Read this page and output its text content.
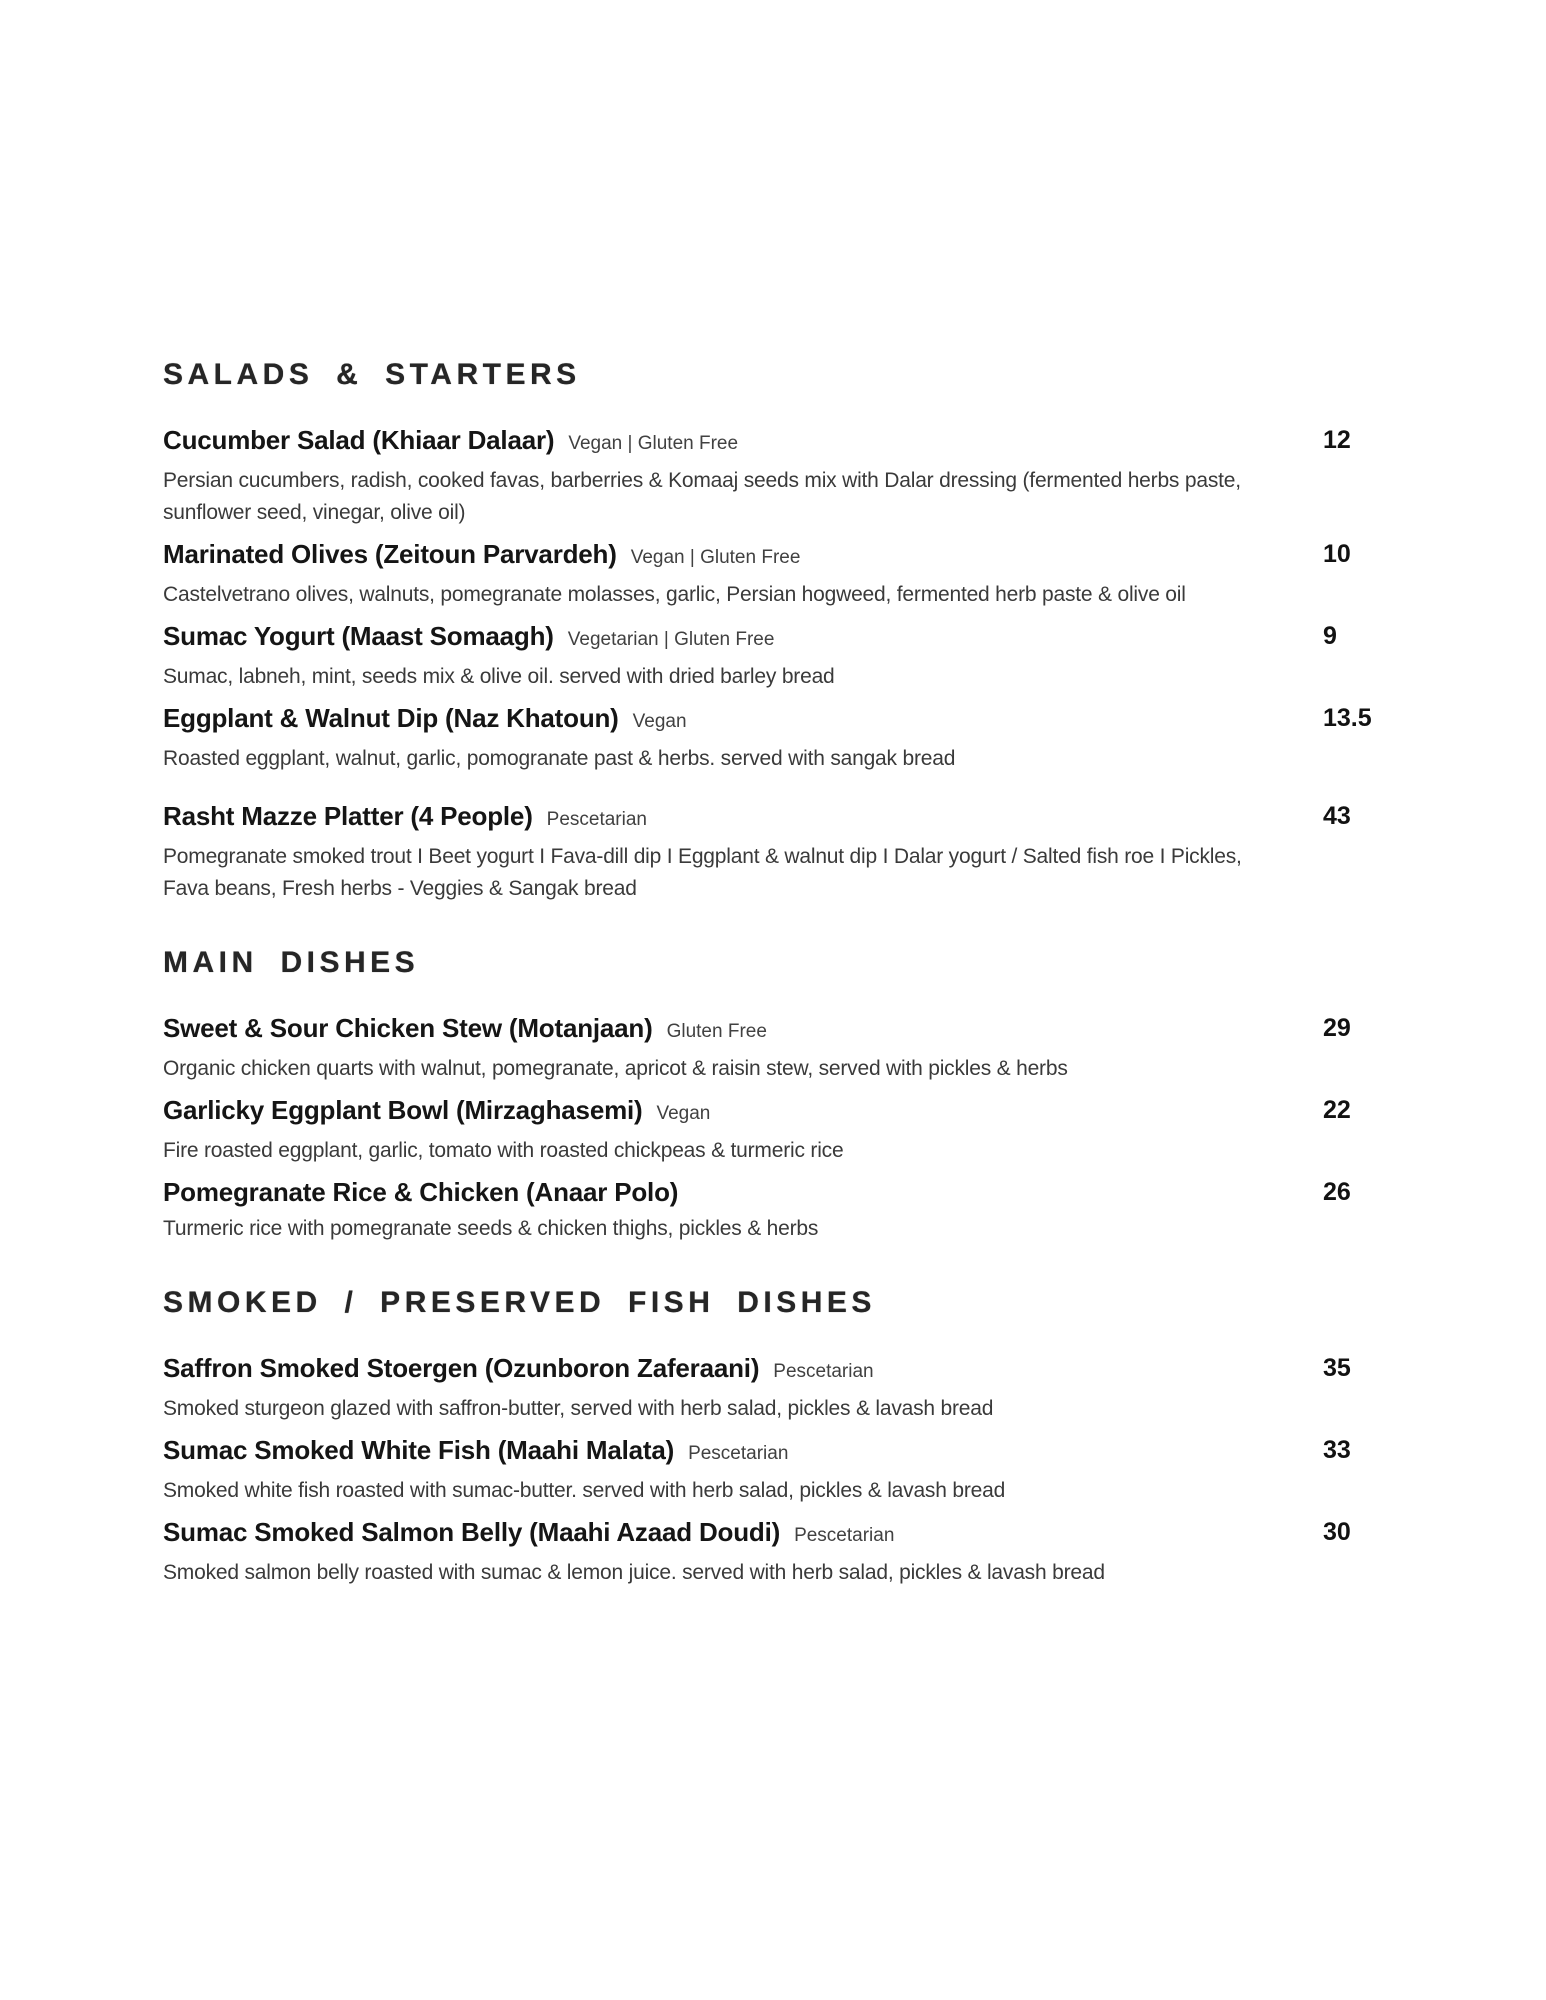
SALADS & STARTERS
Cucumber Salad (Khiaar Dalaar) Vegan | Gluten Free
Persian cucumbers, radish, cooked favas, barberries & Komaaj seeds mix with Dalar dressing (fermented herbs paste, sunflower seed, vinegar, olive oil)
12
Marinated Olives (Zeitoun Parvardeh) Vegan | Gluten Free
Castelvetrano olives, walnuts, pomegranate molasses, garlic, Persian hogweed, fermented herb paste & olive oil
10
Sumac Yogurt (Maast Somaagh) Vegetarian | Gluten Free
Sumac, labneh, mint, seeds mix & olive oil. served with dried barley bread
9
Eggplant & Walnut Dip (Naz Khatoun) Vegan
Roasted eggplant, walnut, garlic, pomogranate past & herbs. served with sangak bread
13.5
Rasht Mazze Platter (4 People) Pescetarian
Pomegranate smoked trout I Beet yogurt I Fava-dill dip I Eggplant & walnut dip I Dalar yogurt / Salted fish roe I Pickles, Fava beans, Fresh herbs - Veggies & Sangak bread
43
MAIN DISHES
Sweet & Sour Chicken Stew (Motanjaan) Gluten Free
Organic chicken quarts with walnut, pomegranate, apricot & raisin stew, served with pickles & herbs
29
Garlicky Eggplant Bowl (Mirzaghasemi) Vegan
Fire roasted eggplant, garlic, tomato with roasted chickpeas & turmeric rice
22
Pomegranate Rice & Chicken (Anaar Polo)
Turmeric rice with pomegranate seeds & chicken thighs, pickles & herbs
26
SMOKED / PRESERVED FISH DISHES
Saffron Smoked Stoergen (Ozunboron Zaferaani) Pescetarian
Smoked sturgeon glazed with saffron-butter, served with herb salad, pickles & lavash bread
35
Sumac Smoked White Fish (Maahi Malata) Pescetarian
Smoked white fish roasted with sumac-butter. served with herb salad, pickles & lavash bread
33
Sumac Smoked Salmon Belly (Maahi Azaad Doudi) Pescetarian
Smoked salmon belly roasted with sumac & lemon juice. served with herb salad, pickles & lavash bread
30
